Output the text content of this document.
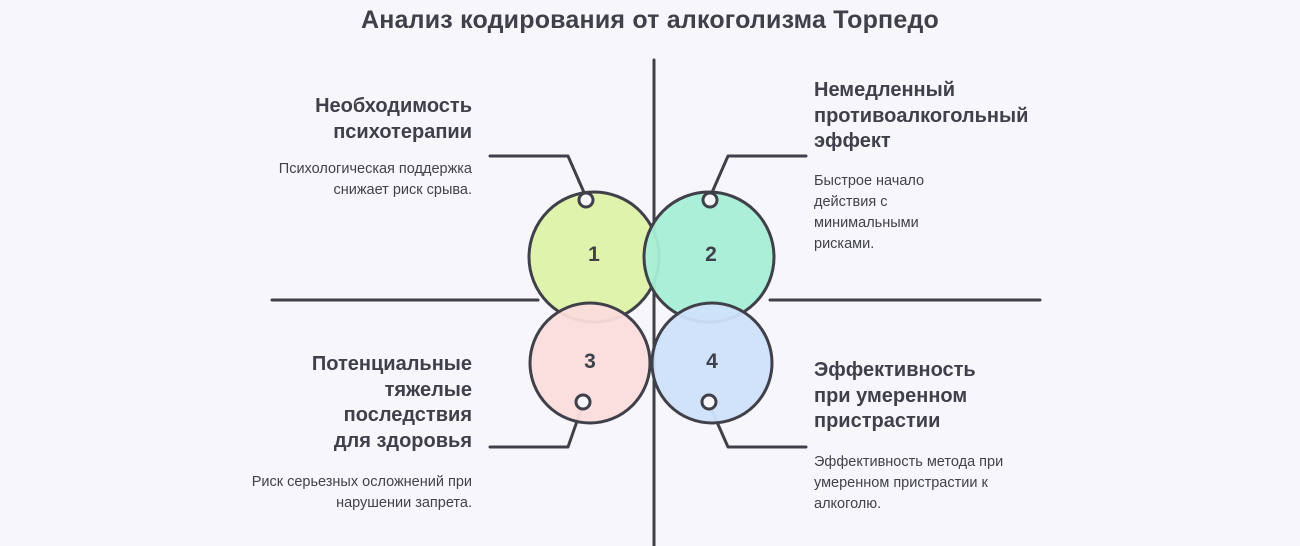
Анализ кодирования от алкоголизма Торпедо
1	2
3	4
Необходимость
психотерапии
Психологическая поддержка снижает риск срыва.
Немедленный
противоалкогольный
эффект
Быстрое начало действия с минимальными рисками.
Потенциальные
тяжелые
последствия
для здоровья
Риск серьезных осложнений при нарушении запрета.
Эффективность
при умеренном
пристрастии
Эффективность метода при умеренном пристрастии к алкоголю.
